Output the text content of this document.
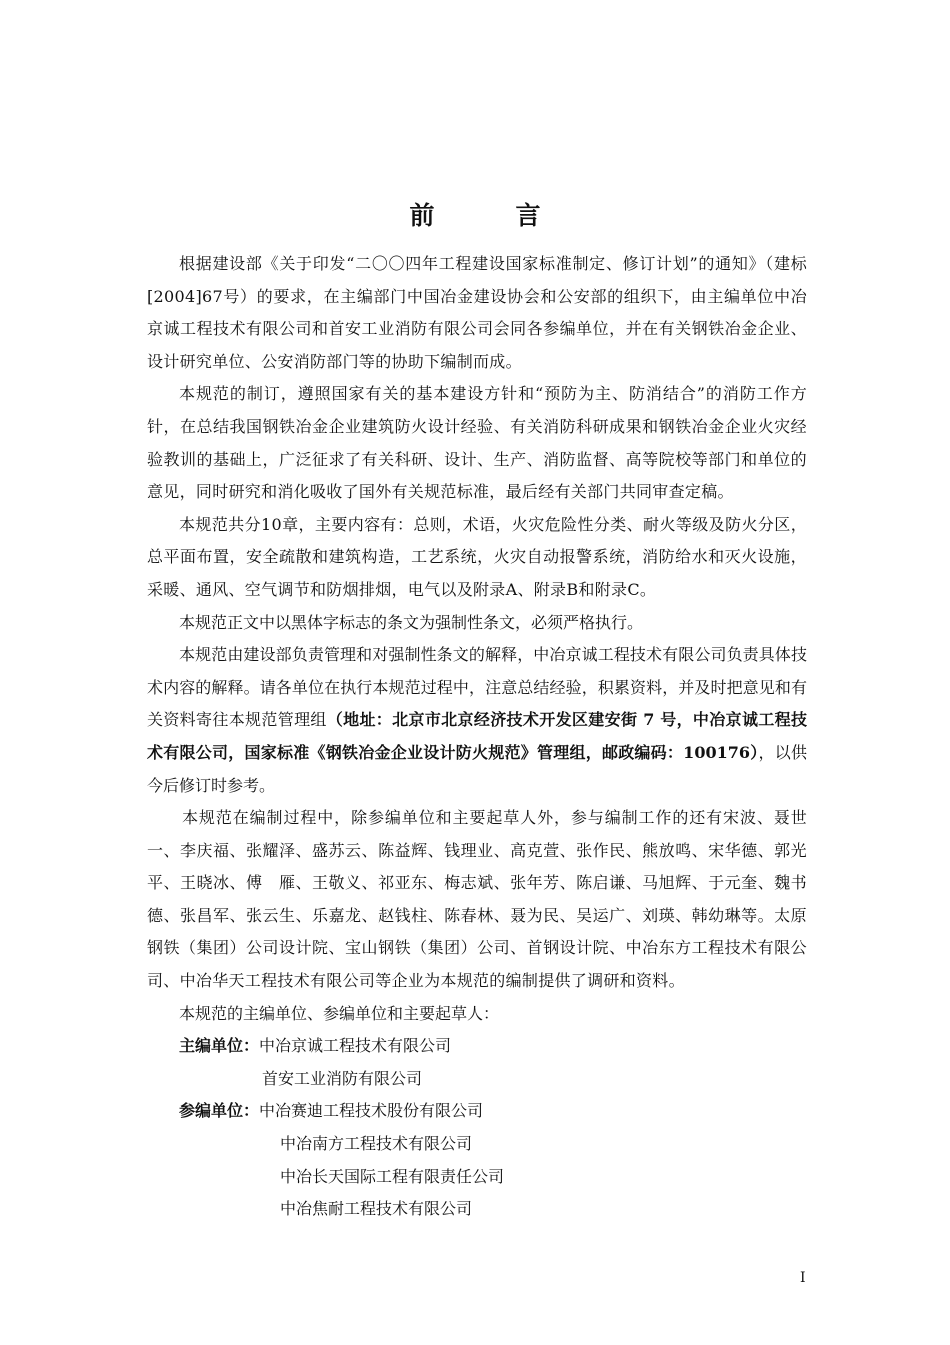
前　言

根据建设部《关于印发“二〇〇四年工程建设国家标准制定、修订计划”的通知》（建标[2004]67号）的要求，在主编部门中国冶金建设协会和公安部的组织下，由主编单位中冶京诚工程技术有限公司和首安工业消防有限公司会同各参编单位，并在有关钢铁冶金企业、设计研究单位、公安消防部门等的协助下编制而成。

本规范的制订，遵照国家有关的基本建设方针和“预防为主、防消结合”的消防工作方针，在总结我国钢铁冶金企业建筑防火设计经验、有关消防科研成果和钢铁冶金企业火灾经验教训的基础上，广泛征求了有关科研、设计、生产、消防监督、高等院校等部门和单位的意见，同时研究和消化吸收了国外有关规范标准，最后经有关部门共同审查定稿。

本规范共分10章，主要内容有：总则，术语，火灾危险性分类、耐火等级及防火分区，总平面布置，安全疏散和建筑构造，工艺系统，火灾自动报警系统，消防给水和灭火设施，采暖、通风、空气调节和防烟排烟，电气以及附录A、附录B和附录C。

本规范正文中以黑体字标志的条文为强制性条文，必须严格执行。

本规范由建设部负责管理和对强制性条文的解释，中冶京诚工程技术有限公司负责具体技术内容的解释。请各单位在执行本规范过程中，注意总结经验，积累资料，并及时把意见和有关资料寄往本规范管理组（地址：北京市北京经济技术开发区建安街 7 号，中冶京诚工程技术有限公司，国家标准《钢铁冶金企业设计防火规范》管理组，邮政编码：100176），以供今后修订时参考。

本规范在编制过程中，除参编单位和主要起草人外，参与编制工作的还有宋波、聂世一、李庆福、张耀泽、盛苏云、陈益辉、钱理业、高克萱、张作民、熊放鸣、宋华德、郭光平、王晓冰、傅　雁、王敬义、祁亚东、梅志斌、张年芳、陈启谦、马旭辉、于元奎、魏书德、张昌军、张云生、乐嘉龙、赵钱柱、陈春林、聂为民、吴运广、刘瑛、韩幼琳等。太原钢铁（集团）公司设计院、宝山钢铁（集团）公司、首钢设计院、中冶东方工程技术有限公司、中冶华天工程技术有限公司等企业为本规范的编制提供了调研和资料。

本规范的主编单位、参编单位和主要起草人：

主编单位：中冶京诚工程技术有限公司
首安工业消防有限公司
参编单位：中冶赛迪工程技术股份有限公司
中冶南方工程技术有限公司
中冶长天国际工程有限责任公司
中冶焦耐工程技术有限公司
I
